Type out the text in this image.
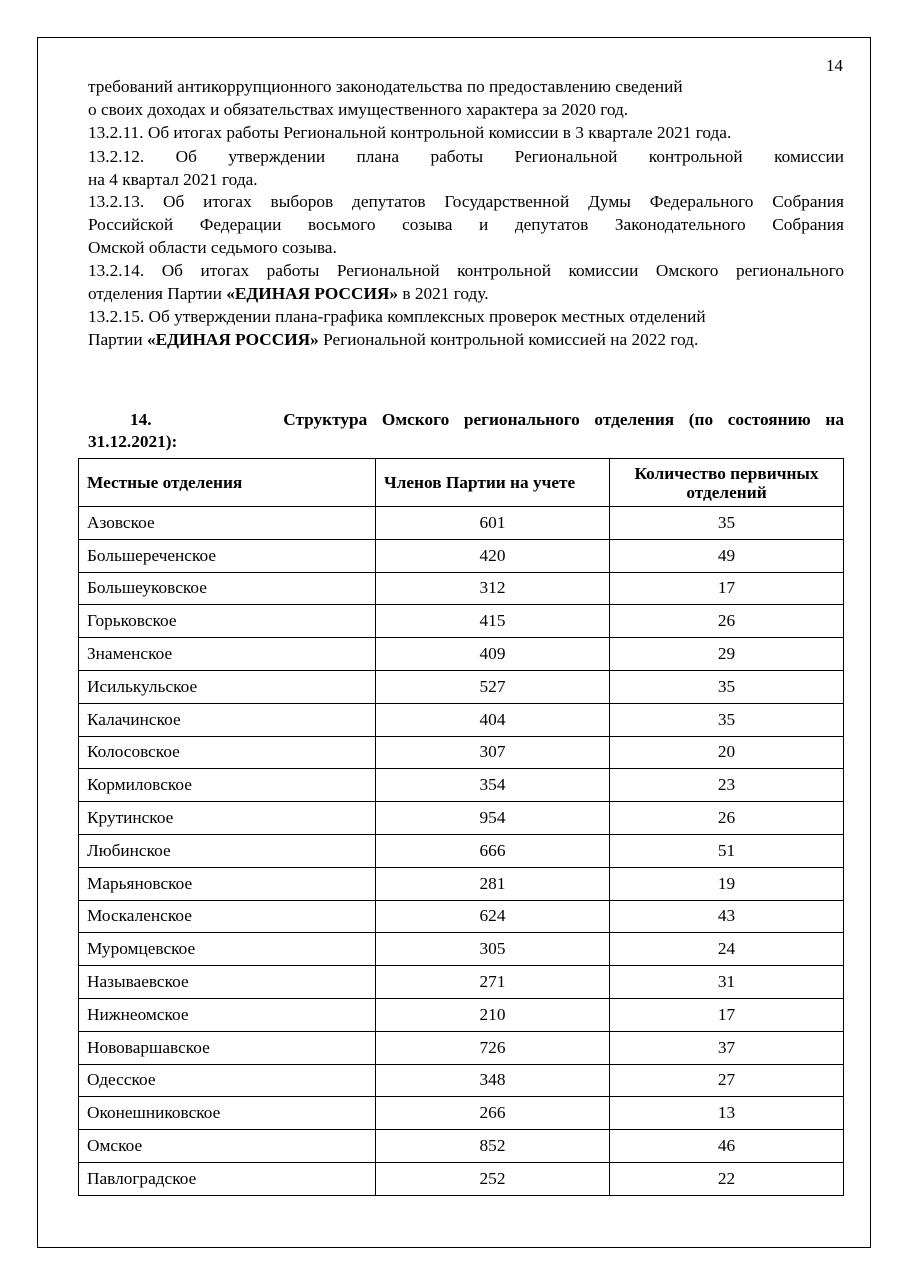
14
требований антикоррупционного законодательства по предоставлению сведений
о своих доходах и обязательствах имущественного характера за 2020 год.
13.2.11. Об итогах работы Региональной контрольной комиссии в 3 квартале 2021 года.
13.2.12. Об утверждении плана работы Региональной контрольной комиссии
на 4 квартал 2021 года.
13.2.13. Об итогах выборов депутатов Государственной Думы Федерального Собрания
Российской Федерации восьмого созыва и депутатов Законодательного Собрания
Омской области седьмого созыва.
13.2.14. Об итогах работы Региональной контрольной комиссии Омского регионального
отделения Партии «ЕДИНАЯ РОССИЯ» в 2021 году.
13.2.15. Об утверждении плана-графика комплексных проверок местных отделений
Партии «ЕДИНАЯ РОССИЯ» Региональной контрольной комиссией на 2022 год.
14.	Структура Омского регионального отделения (по состоянию на
31.12.2021):
Местные отделения	Членов Партии на учете	Количество первичных отделений
Азовское	601	35
Большереченское	420	49
Большеуковское	312	17
Горьковское	415	26
Знаменское	409	29
Исилькульское	527	35
Калачинское	404	35
Колосовское	307	20
Кормиловское	354	23
Крутинское	954	26
Любинское	666	51
Марьяновское	281	19
Москаленское	624	43
Муромцевское	305	24
Называевское	271	31
Нижнеомское	210	17
Нововаршавское	726	37
Одесское	348	27
Оконешниковское	266	13
Омское	852	46
Павлоградское	252	22
